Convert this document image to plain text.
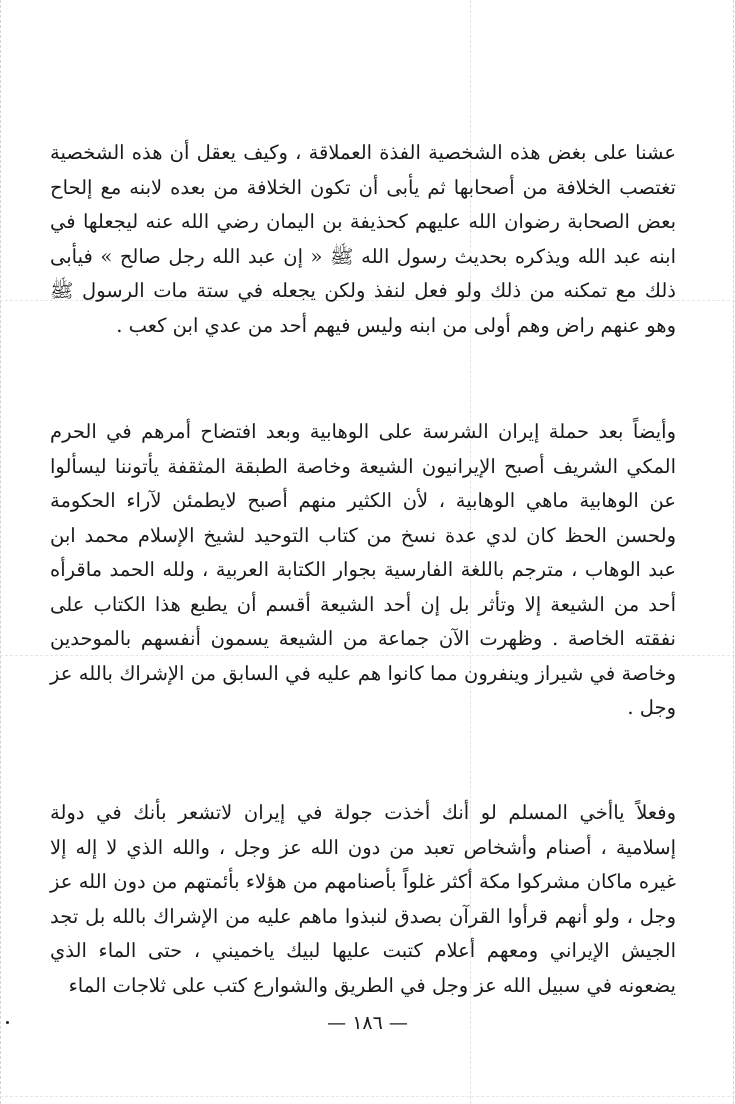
عشنا على بغض هذه الشخصية الفذة العملاقة ، وكيف يعقل أن هذه الشخصية تغتصب الخلافة من أصحابها ثم يأبى أن تكون الخلافة من بعده لابنه مع إلحاح بعض الصحابة رضوان الله عليهم كحذيفة بن اليمان رضي الله عنه ليجعلها في ابنه عبد الله ويذكره بحديث رسول الله ﷺ « إن عبد الله رجل صالح » فيأبى ذلك مع تمكنه من ذلك ولو فعل لنفذ ولكن يجعله في ستة مات الرسول ﷺ وهو عنهم راض وهم أولى من ابنه وليس فيهم أحد من عدي ابن كعب .

وأيضاً بعد حملة إيران الشرسة على الوهابية وبعد افتضاح أمرهم في الحرم المكي الشريف أصبح الإيرانيون الشيعة وخاصة الطبقة المثقفة يأتوننا ليسألوا عن الوهابية ماهي الوهابية ، لأن الكثير منهم أصبح لايطمئن لآراء الحكومة ولحسن الحظ كان لدي عدة نسخ من كتاب التوحيد لشيخ الإسلام محمد ابن عبد الوهاب ، مترجم باللغة الفارسية بجوار الكتابة العربية ، ولله الحمد ماقرأه أحد من الشيعة إلا وتأثر بل إن أحد الشيعة أقسم أن يطبع هذا الكتاب على نفقته الخاصة . وظهرت الآن جماعة من الشيعة يسمون أنفسهم بالموحدين وخاصة في شيراز وينفرون مما كانوا هم عليه في السابق من الإشراك بالله عز وجل .

وفعلاً ياأخي المسلم لو أنك أخذت جولة في إيران لاتشعر بأنك في دولة إسلامية ، أصنام وأشخاص تعبد من دون الله عز وجل ، والله الذي لا إله إلا غيره ماكان مشركوا مكة أكثر غلواً بأصنامهم من هؤلاء بأئمتهم من دون الله عز وجل ، ولو أنهم قرأوا القرآن بصدق لنبذوا ماهم عليه من الإشراك بالله بل تجد الجيش الإيراني ومعهم أعلام كتبت عليها لبيك ياخميني ، حتى الماء الذي يضعونه في سبيل الله عز وجل في الطريق والشوارع كتب على ثلاجات الماء

— ١٨٦ —
